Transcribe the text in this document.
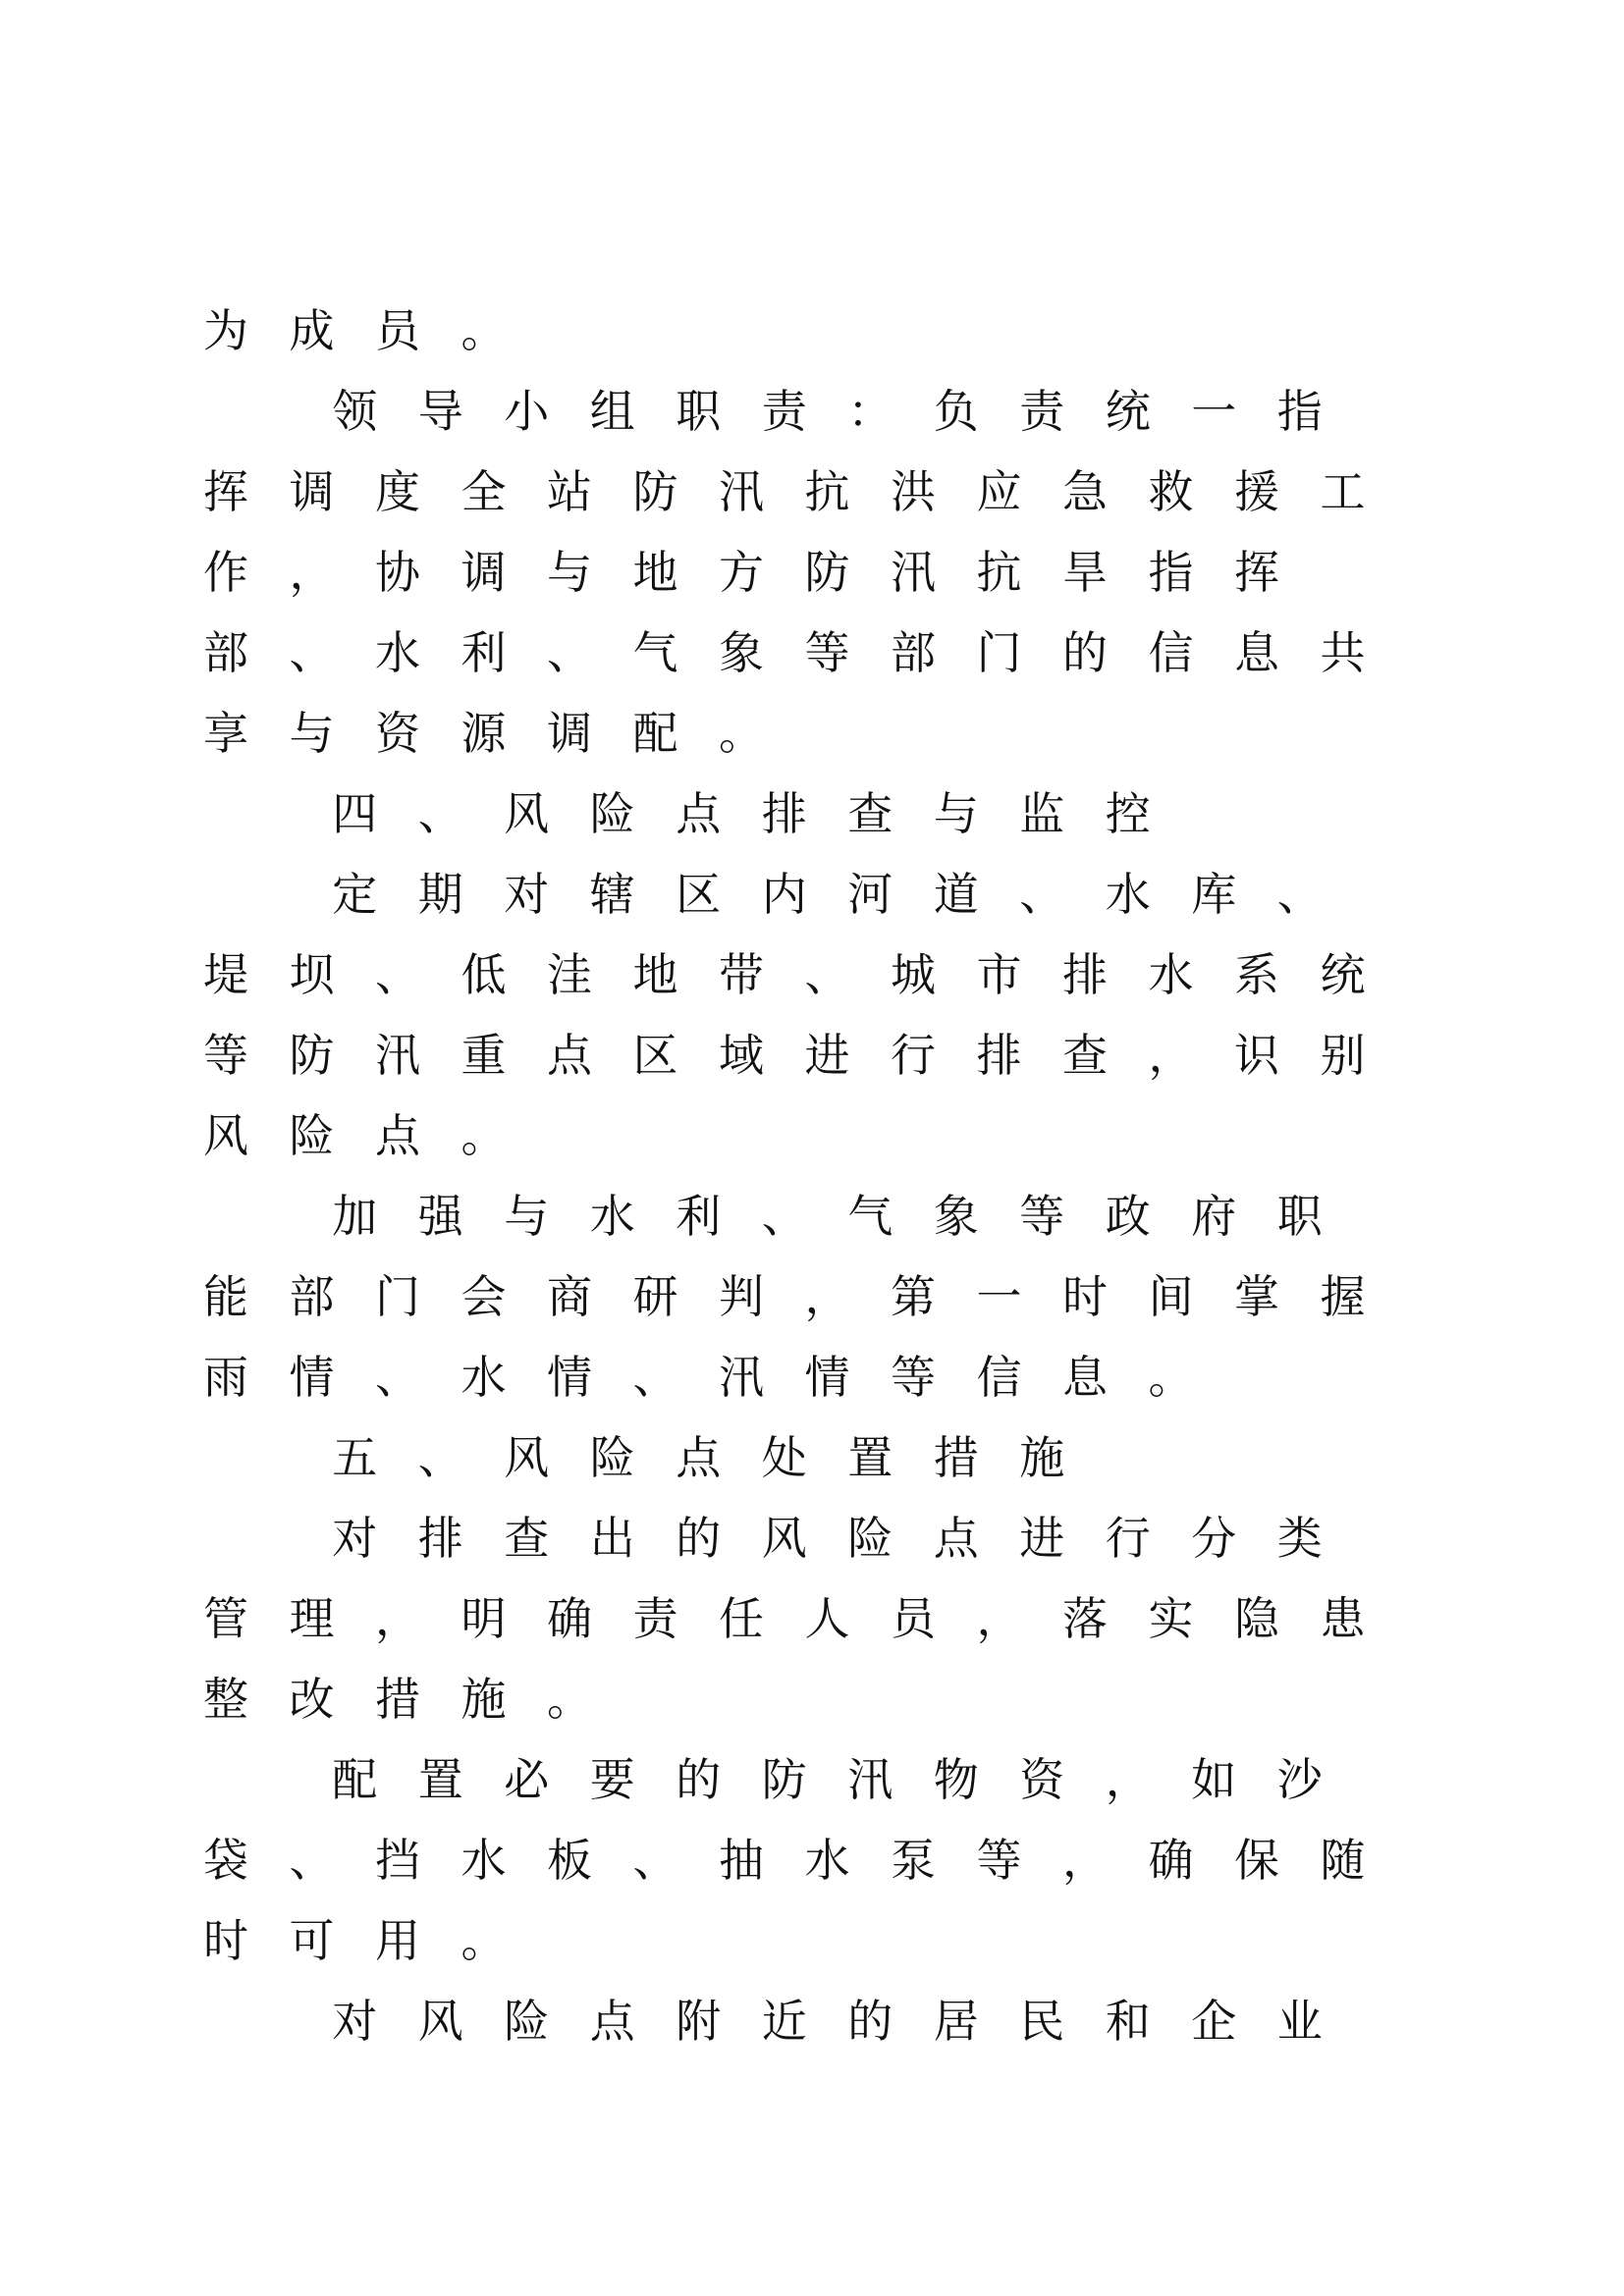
为 成 员 。
领 导 小 组 职 责 ： 负 责 统 一 指
挥 调 度 全 站 防 汛 抗 洪 应 急 救 援 工
作 ， 协 调 与 地 方 防 汛 抗 旱 指 挥
部 、 水 利 、 气 象 等 部 门 的 信 息 共
享 与 资 源 调 配 。
四 、 风 险 点 排 查 与 监 控
定 期 对 辖 区 内 河 道 、 水 库 、
堤 坝 、 低 洼 地 带 、 城 市 排 水 系 统
等 防 汛 重 点 区 域 进 行 排 查 ， 识 别
风 险 点 。
加 强 与 水 利 、 气 象 等 政 府 职
能 部 门 会 商 研 判 ， 第 一 时 间 掌 握
雨 情 、 水 情 、 汛 情 等 信 息 。
五 、 风 险 点 处 置 措 施
对 排 查 出 的 风 险 点 进 行 分 类
管 理 ， 明 确 责 任 人 员 ， 落 实 隐 患
整 改 措 施 。
配 置 必 要 的 防 汛 物 资 ， 如 沙
袋 、 挡 水 板 、 抽 水 泵 等 ， 确 保 随
时 可 用 。
对 风 险 点 附 近 的 居 民 和 企 业
